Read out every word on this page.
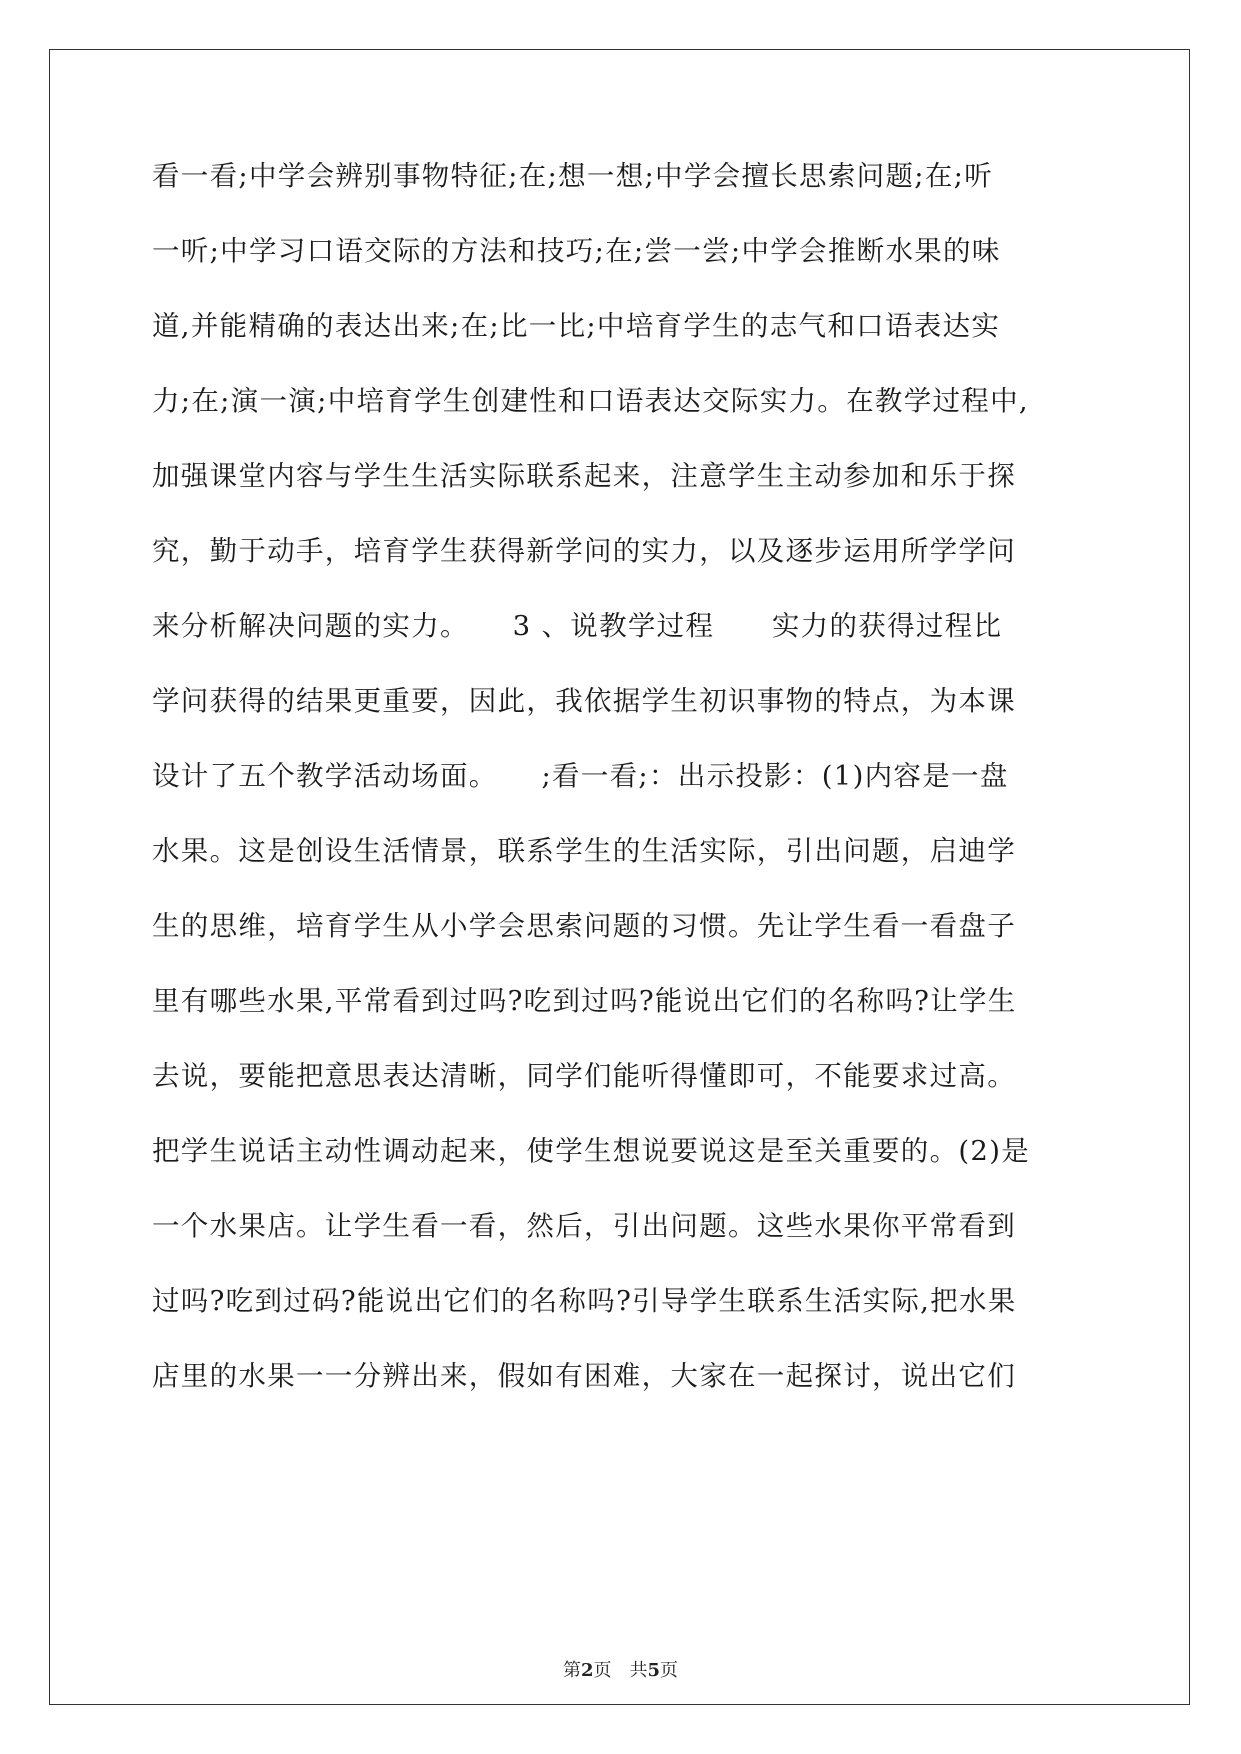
看一看;中学会辨别事物特征;在;想一想;中学会擅长思索问题;在;听
一听;中学习口语交际的方法和技巧;在;尝一尝;中学会推断水果的味
道,并能精确的表达出来;在;比一比;中培育学生的志气和口语表达实
力;在;演一演;中培育学生创建性和口语表达交际实力。在教学过程中,
加强课堂内容与学生生活实际联系起来，注意学生主动参加和乐于探
究，勤于动手，培育学生获得新学问的实力，以及逐步运用所学学问
来分析解决问题的实力。　　3 、说教学过程　　实力的获得过程比
学问获得的结果更重要，因此，我依据学生初识事物的特点，为本课
设计了五个教学活动场面。　　;看一看;：出示投影：(1)内容是一盘
水果。这是创设生活情景，联系学生的生活实际，引出问题，启迪学
生的思维，培育学生从小学会思索问题的习惯。先让学生看一看盘子
里有哪些水果,平常看到过吗?吃到过吗?能说出它们的名称吗?让学生
去说，要能把意思表达清晰，同学们能听得懂即可，不能要求过高。
把学生说话主动性调动起来，使学生想说要说这是至关重要的。(2)是
一个水果店。让学生看一看，然后，引出问题。这些水果你平常看到
过吗?吃到过码?能说出它们的名称吗?引导学生联系生活实际,把水果
店里的水果一一分辨出来，假如有困难，大家在一起探讨，说出它们
第2页　共5页
